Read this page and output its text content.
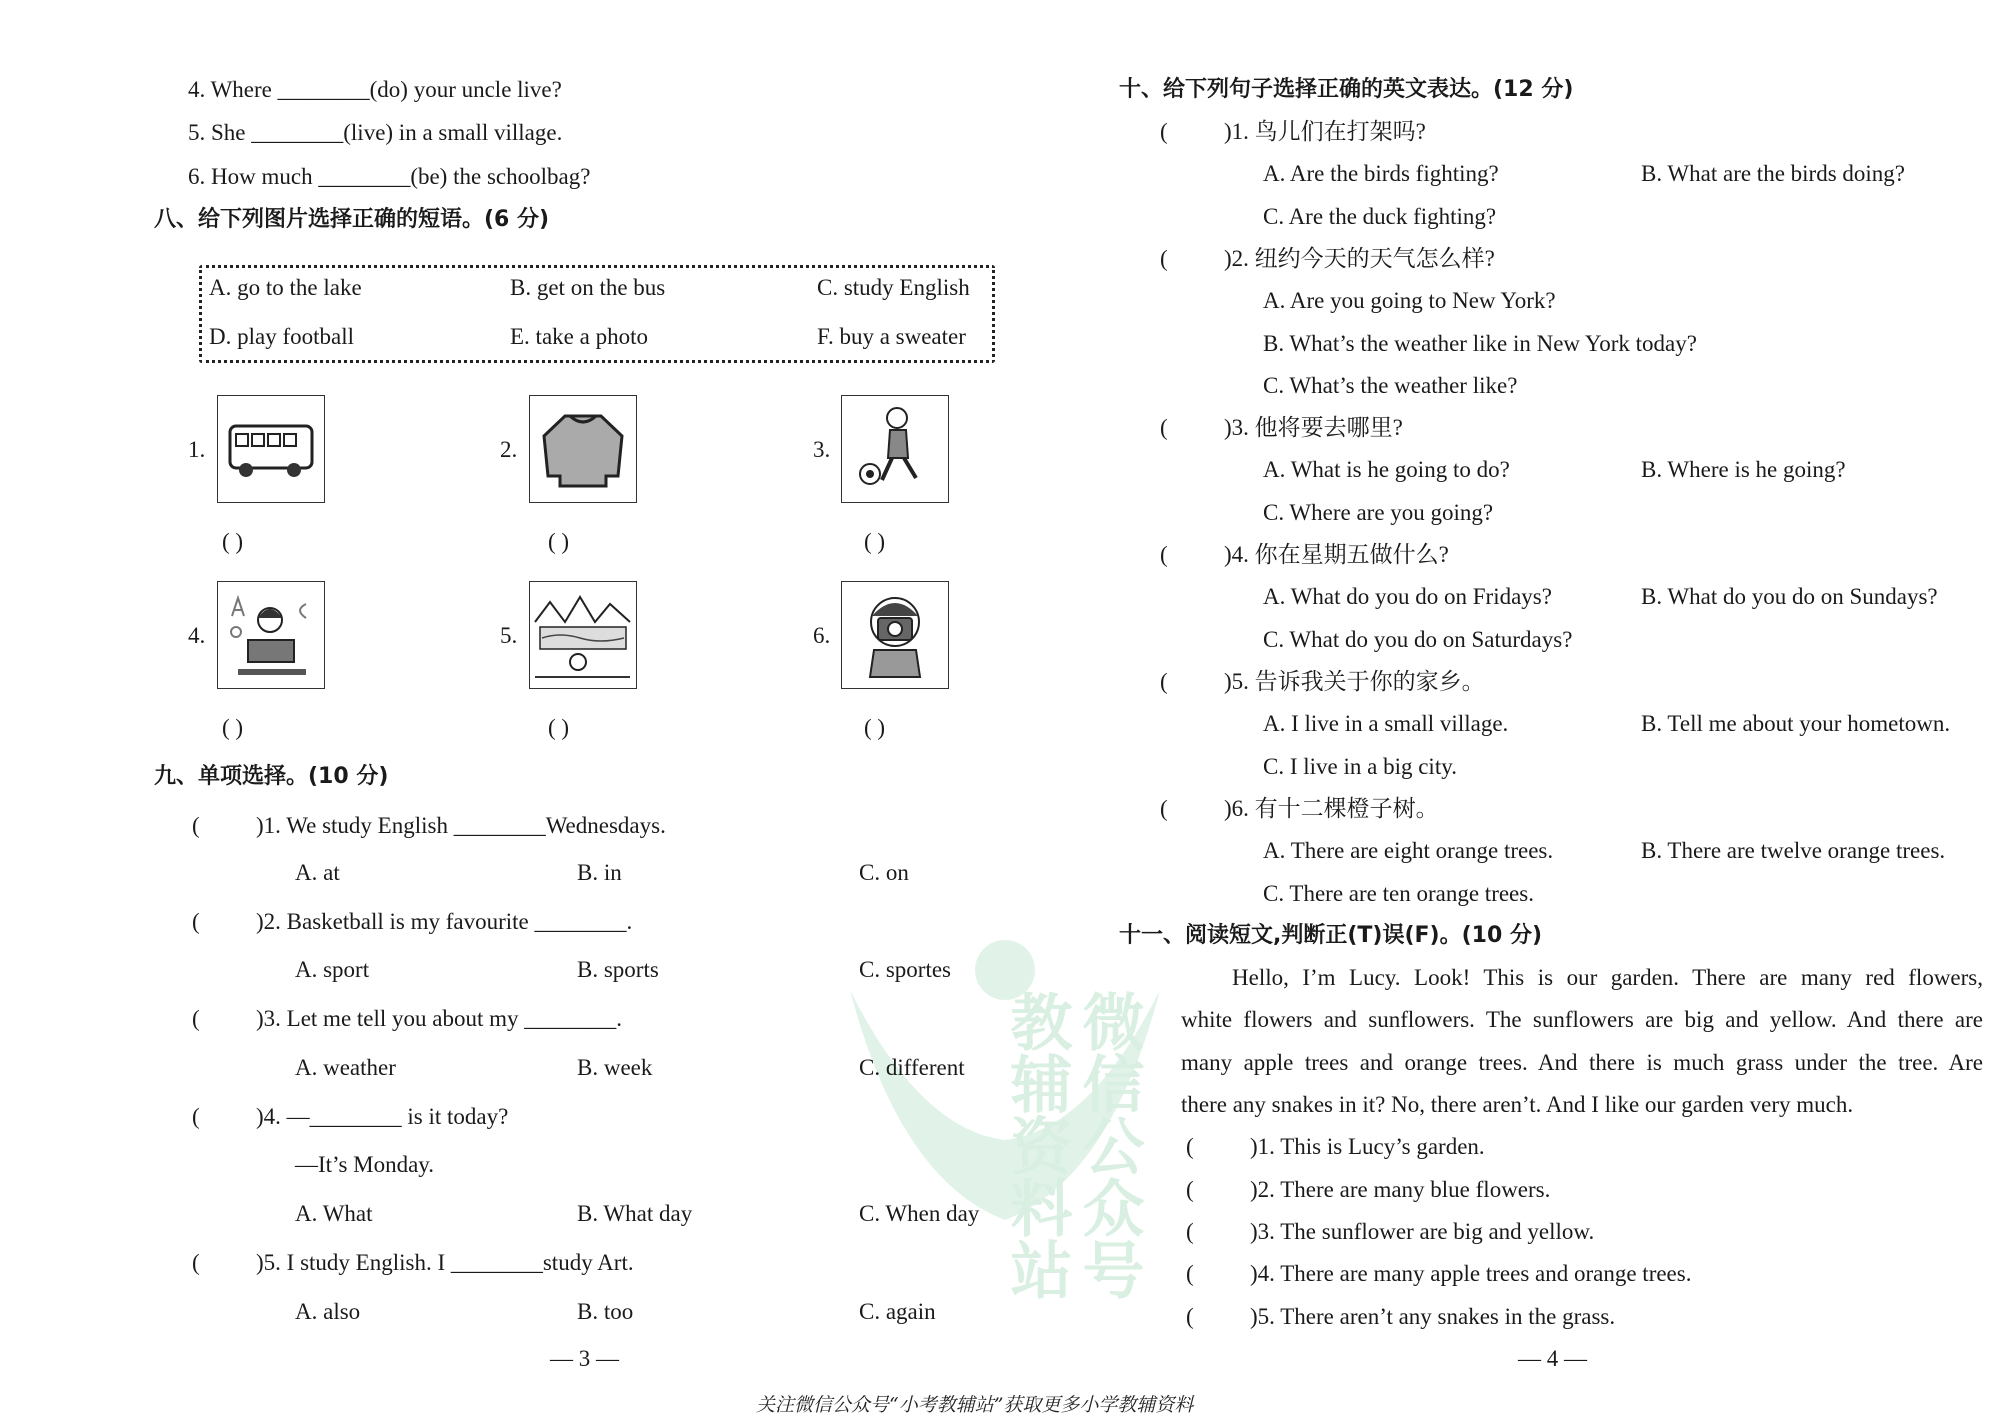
微信公众号
教辅资料站
4. Where ________(do) your uncle live?
5. She ________(live) in a small village.
6. How much ________(be) the schoolbag?
八、给下列图片选择正确的短语。(6 分)
A. go to the lake	B. get on the bus	C. study English
D. play football	E. take a photo	F. buy a sweater
1.
( )
2.
( )
3.
( )
4.
( )
5.
( )
6.
( )
九、单项选择。(10 分)
( )1. We study English ________Wednesdays.
A. at	B. in	C. on
( )2. Basketball is my favourite ________.
A. sport	B. sports	C. sportes
( )3. Let me tell you about my ________.
A. weather	B. week	C. different
( )4. —________ is it today?
—It’s Monday.
A. What	B. What day	C. When day
( )5. I study English. I ________study Art.
A. also	B. too	C. again
— 3 —
十、给下列句子选择正确的英文表达。(12 分)
)1. 鸟儿们在打架吗?
(
A. Are the birds fighting?	B. What are the birds doing?
C. Are the duck fighting?
)2. 纽约今天的天气怎么样?
(
A. Are you going to New York?
B. What’s the weather like in New York today?
C. What’s the weather like?
)3. 他将要去哪里?
(
A. What is he going to do?	B. Where is he going?
C. Where are you going?
)4. 你在星期五做什么?
(
A. What do you do on Fridays?	B. What do you do on Sundays?
C. What do you do on Saturdays?
)5. 告诉我关于你的家乡。
(
A. I live in a small village.	B. Tell me about your hometown.
C. I live in a big city.
)6. 有十二棵橙子树。
(
A. There are eight orange trees.	B. There are twelve orange trees.
C. There are ten orange trees.
十一、阅读短文,判断正(T)误(F)。(10 分)
Hello, I’m Lucy. Look! This is our garden. There are many red flowers,
white flowers and sunflowers. The sunflowers are big and yellow. And there are
many apple trees and orange trees. And there is much grass under the tree. Are
there any snakes in it? No, there aren’t. And I like our garden very much.
( )1. This is Lucy’s garden.
( )2. There are many blue flowers.
( )3. The sunflower are big and yellow.
( )4. There are many apple trees and orange trees.
( )5. There aren’t any snakes in the grass.
— 4 —
关注微信公众号“小考教辅站”获取更多小学教辅资料
